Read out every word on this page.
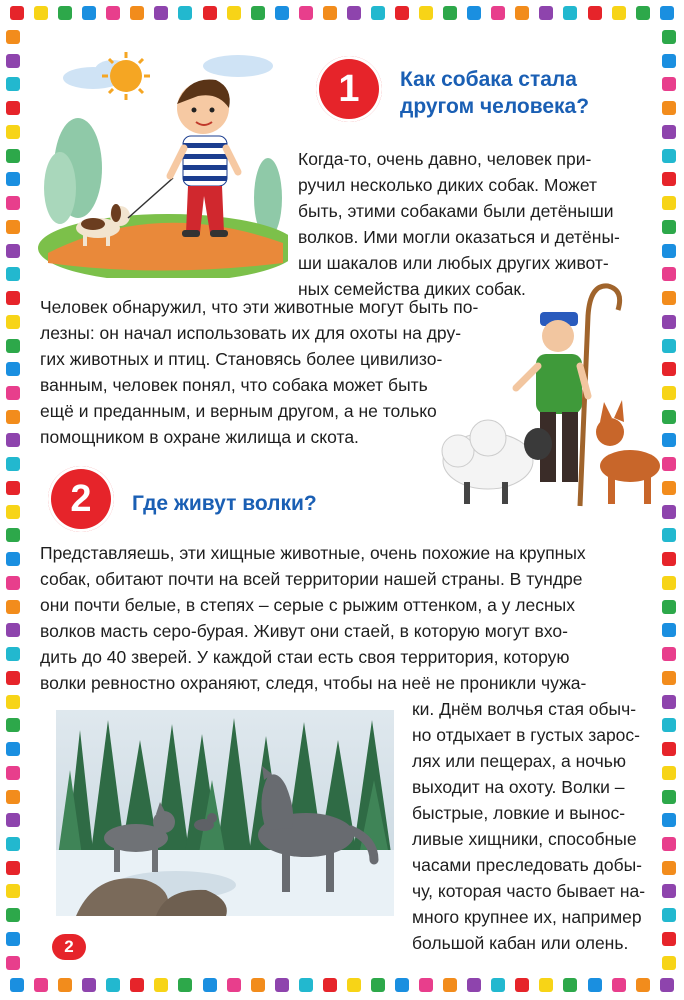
1 Как собака стала
другом человека?
Когда-то, очень давно, человек при-
ручил несколько диких собак. Может
быть, этими собаками были детёныши
волков. Ими могли оказаться и детёны-
ши шакалов или любых других живот-
ных семейства диких собак.
Человек обнаружил, что эти животные могут быть по-
лезны: он начал использовать их для охоты на дру-
гих животных и птиц. Становясь более цивилизо-
ванным, человек понял, что собака может быть
ещё и преданным, и верным другом, а не только
помощником в охране жилища и скота.
2 Где живут волки?
Представляешь, эти хищные животные, очень похожие на крупных
собак, обитают почти на всей территории нашей страны. В тундре
они почти белые, в степях – серые с рыжим оттенком, а у лесных
волков масть серо-бурая. Живут они стаей, в которую могут вхо-
дить до 40 зверей. У каждой стаи есть своя территория, которую
волки ревностно охраняют, следя, чтобы на неё не проникли чужа-
ки. Днём волчья стая обыч-
но отдыхает в густых зарос-
лях или пещерах, а ночью
выходит на охоту. Волки –
быстрые, ловкие и вынос-
ливые хищники, способные
часами преследовать добы-
чу, которая часто бывает на-
много крупнее их, например
большой кабан или олень.
2
